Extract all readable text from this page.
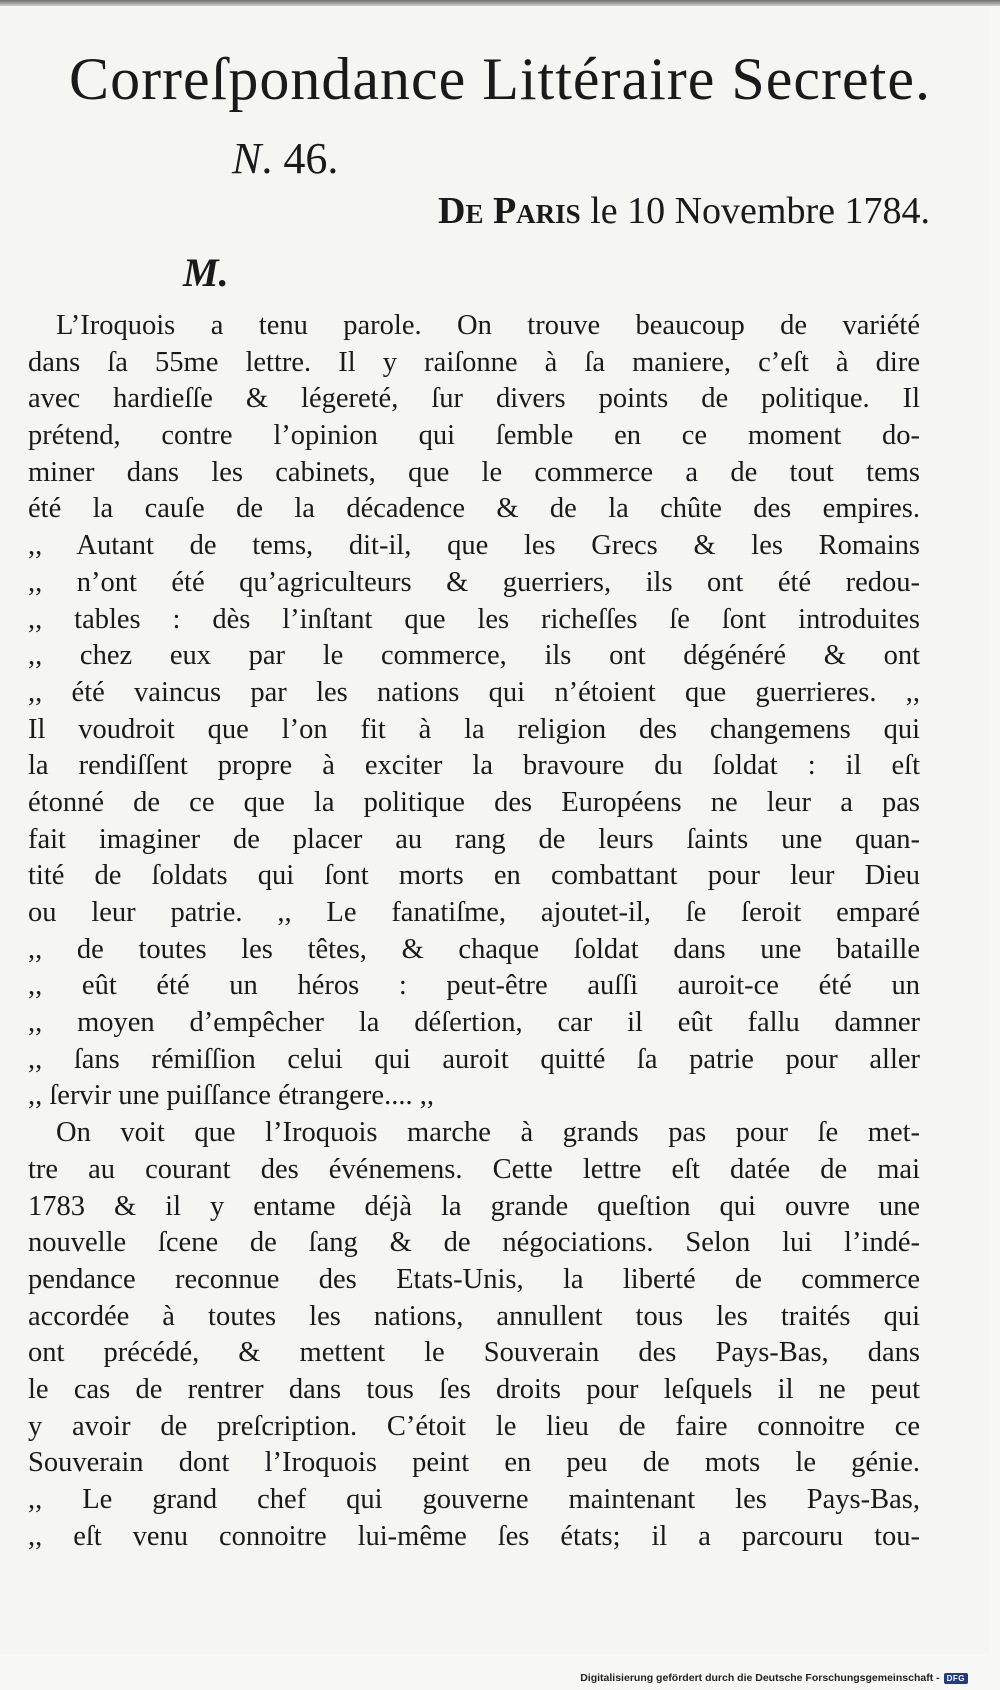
Correſpondance Littéraire Secrete.
N. 46.
De Paris le 10 Novembre 1784.
M.
L’Iroquois a tenu parole. On trouve beaucoup de variété
dans ſa 55me lettre. Il y raiſonne à ſa maniere, c’eſt à dire
avec hardieſſe & légereté, ſur divers points de politique. Il
prétend, contre l’opinion qui ſemble en ce moment do-
miner dans les cabinets, que le commerce a de tout tems
été la cauſe de la décadence & de la chûte des empires.
,, Autant de tems, dit-il, que les Grecs & les Romains
,, n’ont été qu’agriculteurs & guerriers, ils ont été redou-
,, tables : dès l’inſtant que les richeſſes ſe ſont introduites
,, chez eux par le commerce, ils ont dégénéré & ont
,, été vaincus par les nations qui n’étoient que guerrieres. ,,
Il voudroit que l’on fit à la religion des changemens qui
la rendiſſent propre à exciter la bravoure du ſoldat : il eſt
étonné de ce que la politique des Européens ne leur a pas
fait imaginer de placer au rang de leurs ſaints une quan-
tité de ſoldats qui ſont morts en combattant pour leur Dieu
ou leur patrie. ,, Le fanatiſme, ajoutet-il, ſe ſeroit emparé
,, de toutes les têtes, & chaque ſoldat dans une bataille
,, eût été un héros : peut-être auſſi auroit-ce été un
,, moyen d’empêcher la déſertion, car il eût fallu damner
,, ſans rémiſſion celui qui auroit quitté ſa patrie pour aller
,, ſervir une puiſſance étrangere.... ,,
On voit que l’Iroquois marche à grands pas pour ſe met-
tre au courant des événemens. Cette lettre eſt datée de mai
1783 & il y entame déjà la grande queſtion qui ouvre une
nouvelle ſcene de ſang & de négociations. Selon lui l’indé-
pendance reconnue des Etats-Unis, la liberté de commerce
accordée à toutes les nations, annullent tous les traités qui
ont précédé, & mettent le Souverain des Pays-Bas, dans
le cas de rentrer dans tous ſes droits pour leſquels il ne peut
y avoir de preſcription. C’étoit le lieu de faire connoitre ce
Souverain dont l’Iroquois peint en peu de mots le génie.
,, Le grand chef qui gouverne maintenant les Pays-Bas,
,, eſt venu connoitre lui-même ſes états; il a parcouru tou-
Digitalisierung gefördert durch die Deutsche Forschungsgemeinschaft - DFG
